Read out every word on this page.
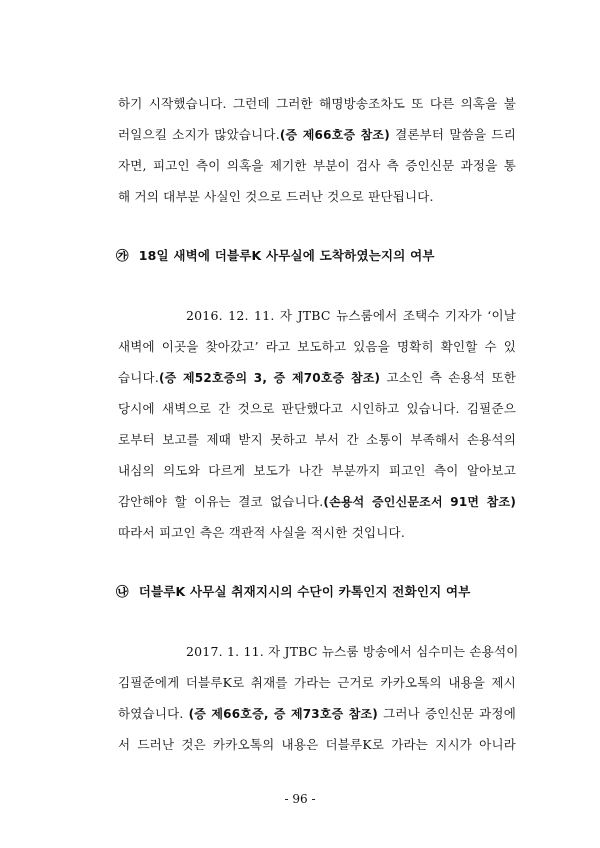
하기 시작했습니다. 그런데 그러한 해명방송조차도 또 다른 의혹을 불
러일으킬 소지가 많았습니다.(증 제66호증 참조) 결론부터 말씀을 드리
자면, 피고인 측이 의혹을 제기한 부분이 검사 측 증인신문 과정을 통
해 거의 대부분 사실인 것으로 드러난 것으로 판단됩니다.
㉮ 18일 새벽에 더블루K 사무실에 도착하였는지의 여부
2016. 12. 11. 자 JTBC 뉴스룸에서 조택수 기자가 ‘이날
새벽에 이곳을 찾아갔고’ 라고 보도하고 있음을 명확히 확인할 수 있
습니다.(증 제52호증의 3, 증 제70호증 참조) 고소인 측 손용석 또한
당시에 새벽으로 간 것으로 판단했다고 시인하고 있습니다. 김필준으
로부터 보고를 제때 받지 못하고 부서 간 소통이 부족해서 손용석의
내심의 의도와 다르게 보도가 나간 부분까지 피고인 측이 알아보고
감안해야 할 이유는 결코 없습니다.(손용석 증인신문조서 91면 참조)
따라서 피고인 측은 객관적 사실을 적시한 것입니다.
㉯ 더블루K 사무실 취재지시의 수단이 카톡인지 전화인지 여부
2017. 1. 11. 자 JTBC 뉴스룸 방송에서 심수미는 손용석이
김필준에게 더블루K로 취재를 가라는 근거로 카카오톡의 내용을 제시
하였습니다. (증 제66호증, 증 제73호증 참조) 그러나 증인신문 과정에
서 드러난 것은 카카오톡의 내용은 더블루K로 가라는 지시가 아니라
- 96 -
